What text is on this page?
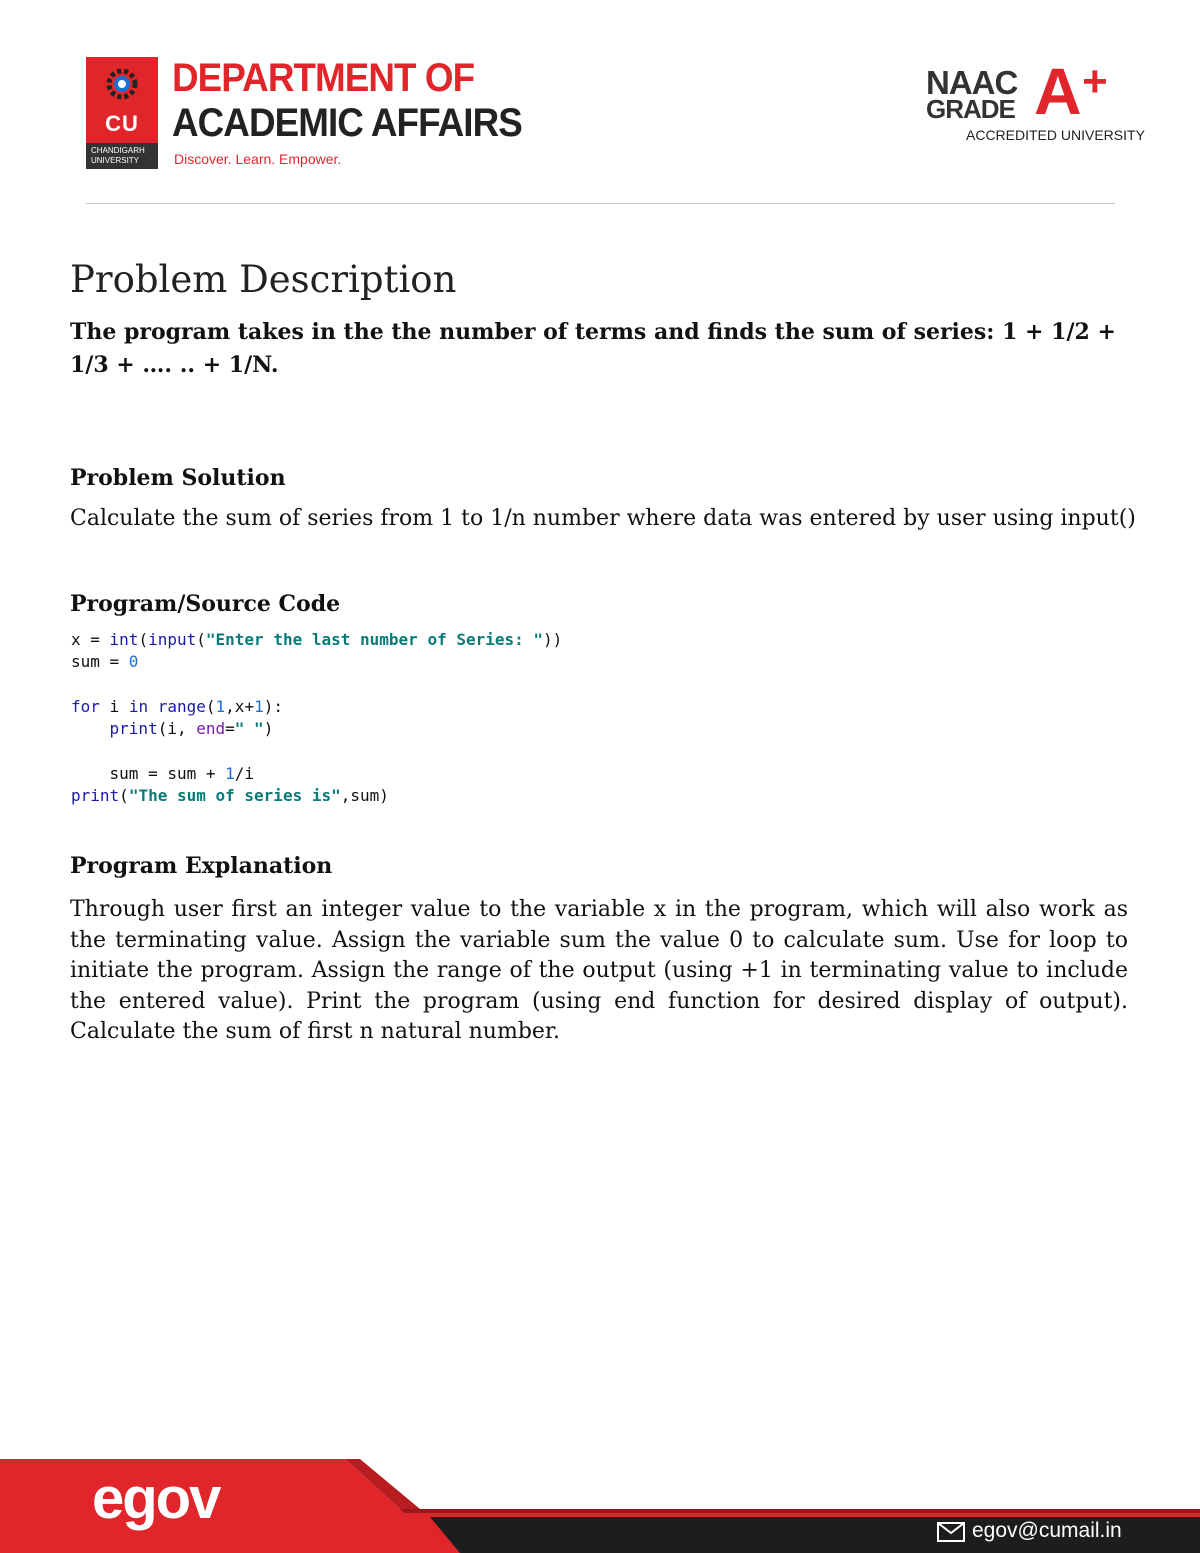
CU
CHANDIGARH
UNIVERSITY
DEPARTMENT OF
ACADEMIC AFFAIRS
Discover. Learn. Empower.
NAAC
GRADE A +
ACCREDITED UNIVERSITY
Problem Description
The program takes in the the number of terms and finds the sum of series: 1 + 1/2 + 1/3 + …. .. + 1/N.
Problem Solution
Calculate the sum of series from 1 to 1/n number where data was entered by user using input()
Program/Source Code
x = int(input("Enter the last number of Series: "))
sum = 0

for i in range(1,x+1):
print(i, end=" ")

sum = sum + 1/i
print("The sum of series is",sum)
Program Explanation
Through user first an integer value to the variable x in the program, which will also work as the terminating value. Assign the variable sum the value 0 to calculate sum. Use for loop to initiate the program. Assign the range of the output (using +1 in terminating value to include the entered value). Print the program (using end function for desired display of output). Calculate the sum of first n natural number.
egov	egov@cumail.in
